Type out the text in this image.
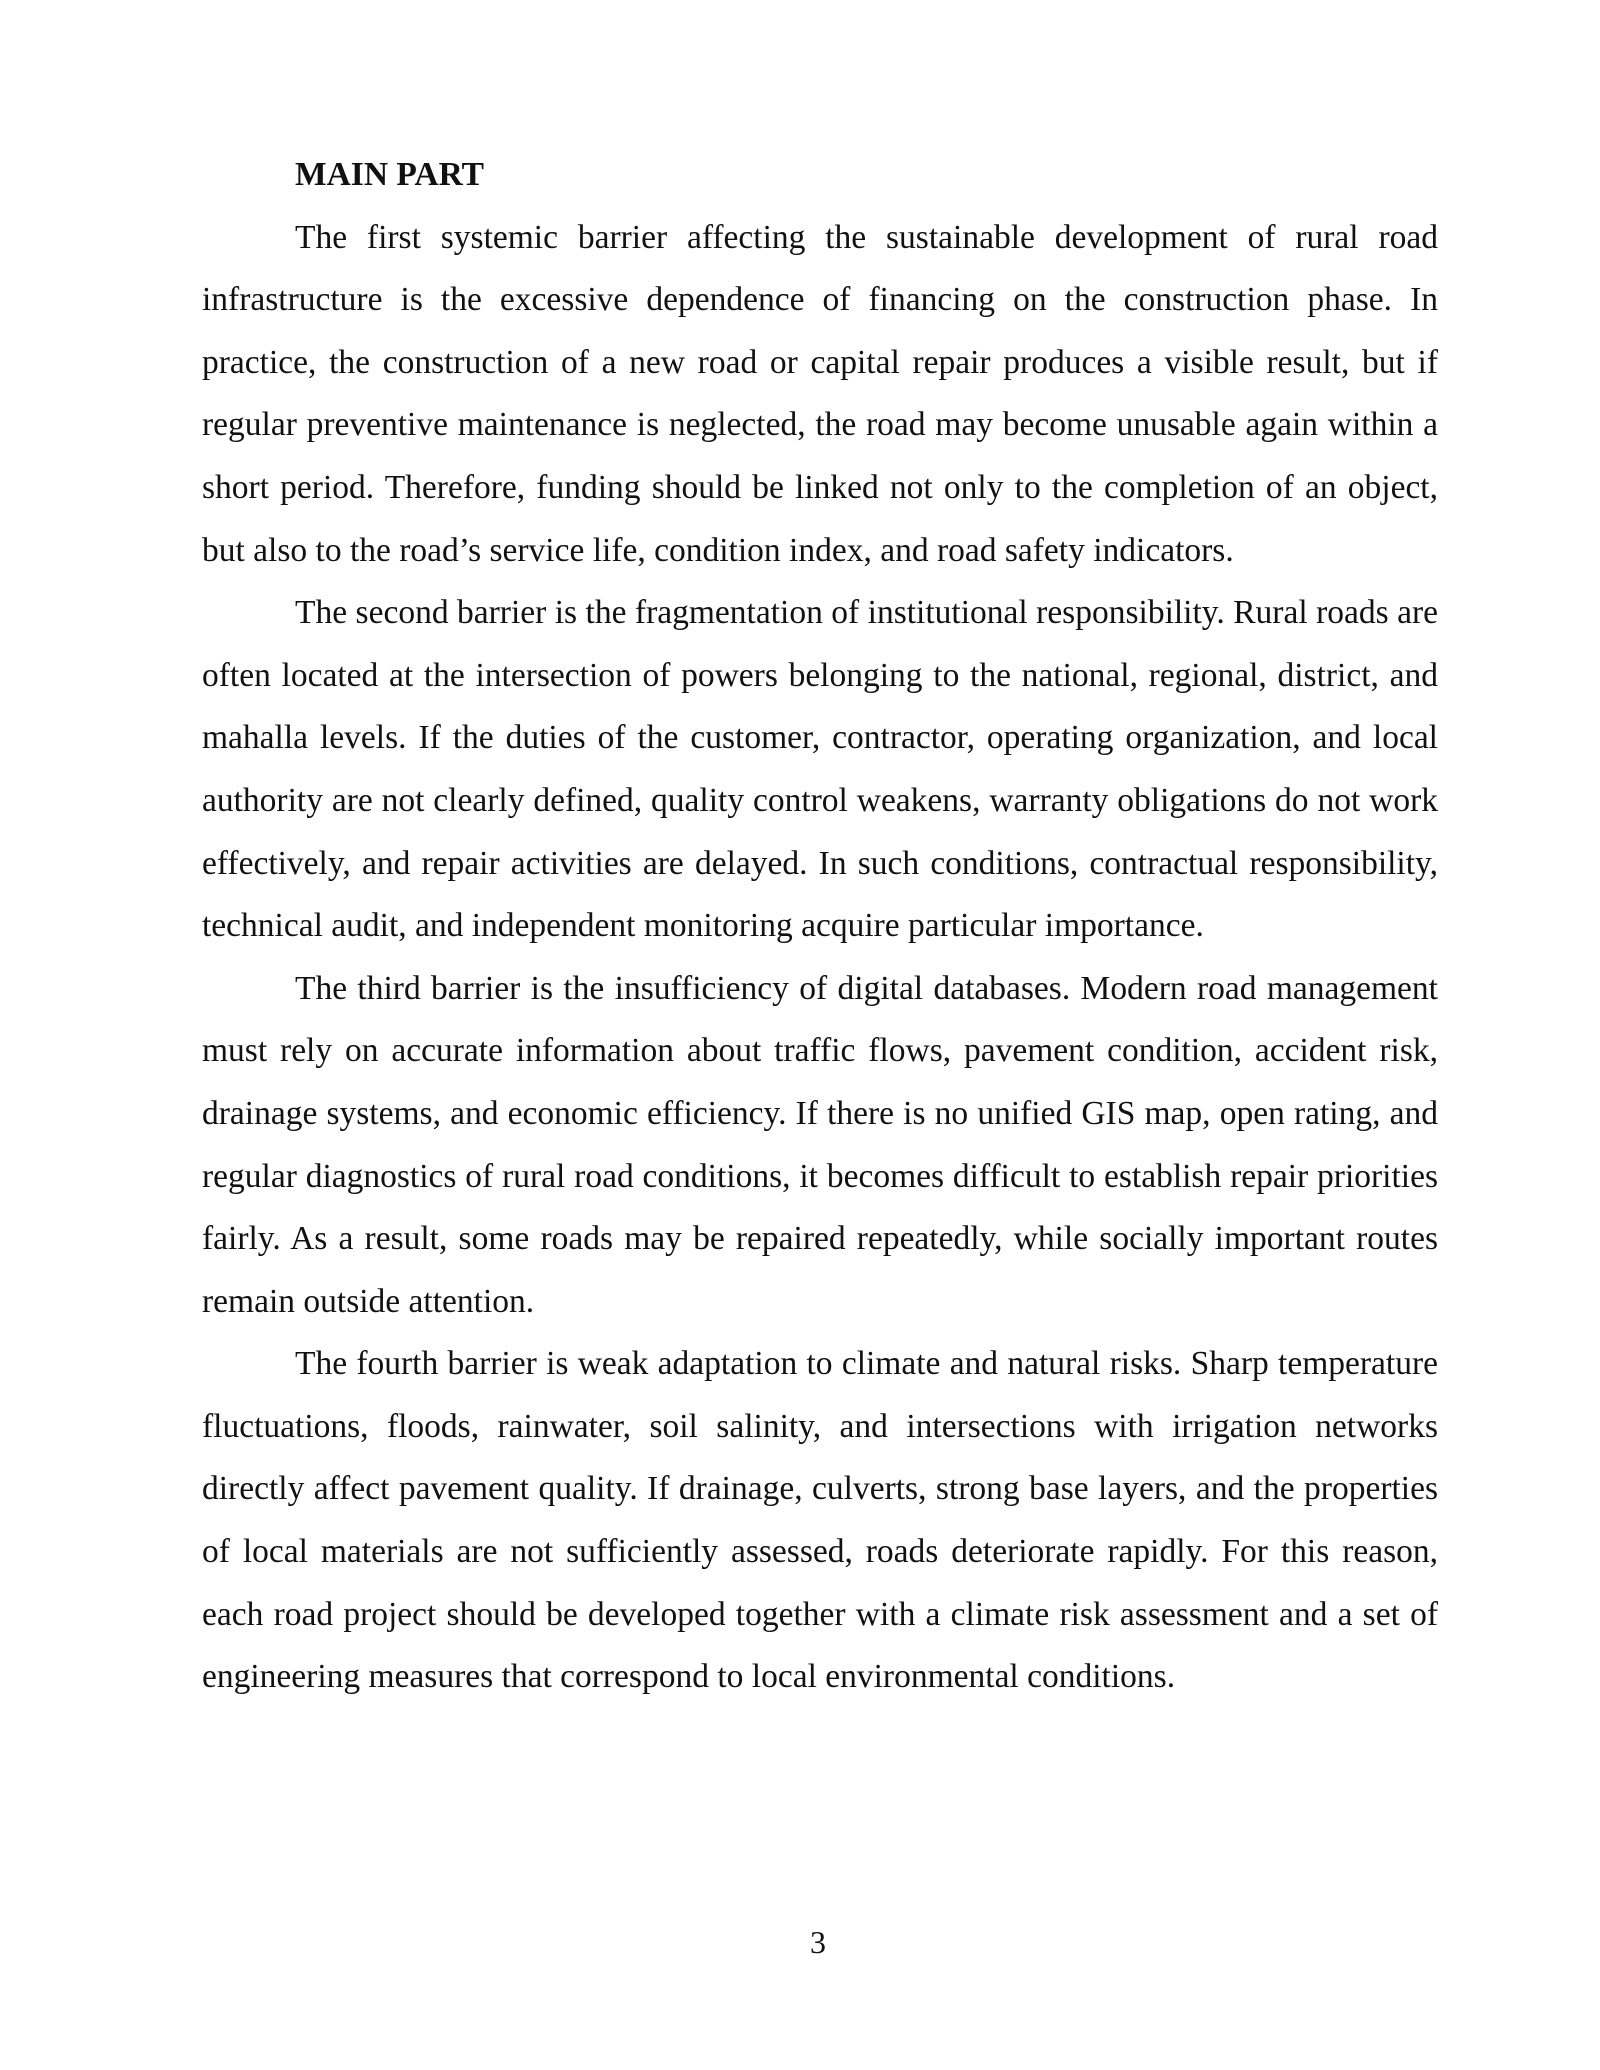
MAIN PART

The first systemic barrier affecting the sustainable development of rural road infrastructure is the excessive dependence of financing on the construction phase. In practice, the construction of a new road or capital repair produces a visible result, but if regular preventive maintenance is neglected, the road may become unusable again within a short period. Therefore, funding should be linked not only to the completion of an object, but also to the road’s service life, condition index, and road safety indicators.

The second barrier is the fragmentation of institutional responsibility. Rural roads are often located at the intersection of powers belonging to the national, regional, district, and mahalla levels. If the duties of the customer, contractor, operating organization, and local authority are not clearly defined, quality control weakens, warranty obligations do not work effectively, and repair activities are delayed. In such conditions, contractual responsibility, technical audit, and independent monitoring acquire particular importance.

The third barrier is the insufficiency of digital databases. Modern road management must rely on accurate information about traffic flows, pavement condition, accident risk, drainage systems, and economic efficiency. If there is no unified GIS map, open rating, and regular diagnostics of rural road conditions, it becomes difficult to establish repair priorities fairly. As a result, some roads may be repaired repeatedly, while socially important routes remain outside attention.

The fourth barrier is weak adaptation to climate and natural risks. Sharp temperature fluctuations, floods, rainwater, soil salinity, and intersections with irrigation networks directly affect pavement quality. If drainage, culverts, strong base layers, and the properties of local materials are not sufficiently assessed, roads deteriorate rapidly. For this reason, each road project should be developed together with a climate risk assessment and a set of engineering measures that correspond to local environmental conditions.

3
